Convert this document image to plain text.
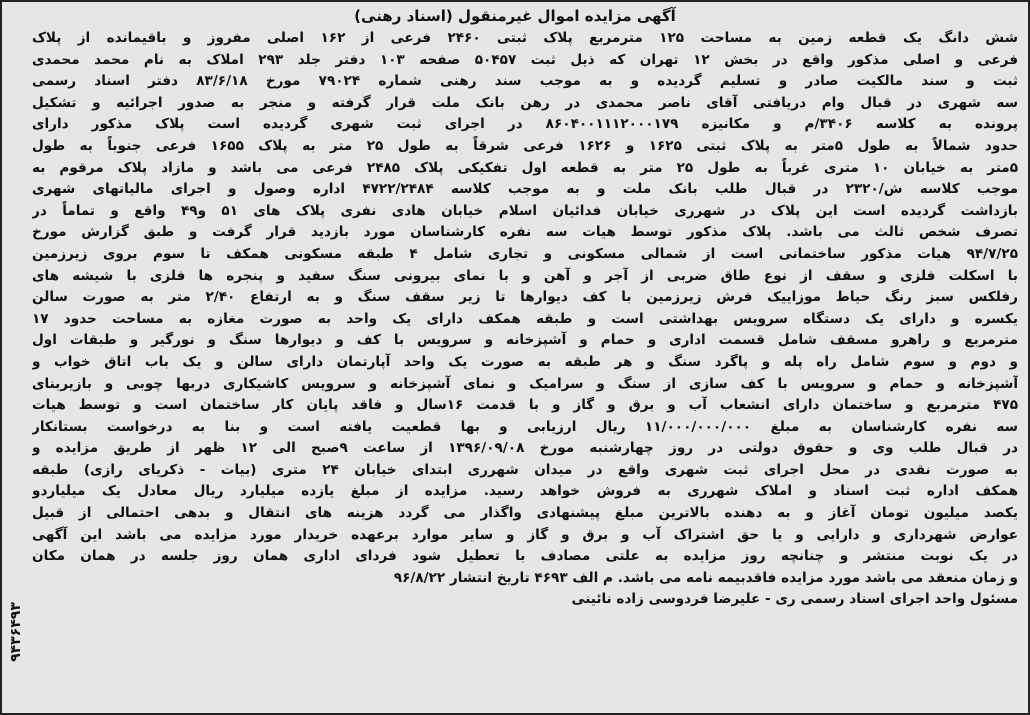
آگهی مزایده اموال غیرمنقول (اسناد رهنی)
شش دانگ یک قطعه زمین به مساحت ۱۲۵ مترمربع پلاک ثبتی ۲۴۶۰ فرعی از ۱۶۲ اصلی مفروز و باقیمانده از پلاک
فرعی و اصلی مذکور واقع در بخش ۱۲ تهران که ذیل ثبت ۵۰۴۵۷ صفحه ۱۰۳ دفتر جلد ۲۹۳ املاک به نام محمد محمدی
ثبت و سند مالکیت صادر و تسلیم گردیده و به موجب سند رهنی شماره ۷۹۰۲۴ مورخ ۸۳/۶/۱۸ دفتر اسناد رسمی
سه شهری در قبال وام دریافتی آقای ناصر محمدی در رهن بانک ملت قرار گرفته و منجر به صدور اجرائیه و تشکیل
پرونده به کلاسه ۳۴۰۶/م و مکانیزه ۸۶۰۴۰۰۱۱۱۲۰۰۰۱۷۹ در اجرای ثبت شهری گردیده است پلاک مذکور دارای
حدود شمالاً به طول ۵متر به پلاک ثبتی ۱۶۲۵ و ۱۶۲۶ فرعی شرقاً به طول ۲۵ متر به پلاک ۱۶۵۵ فرعی جنوباً به طول
۵متر به خیابان ۱۰ متری غرباً به طول ۲۵ متر به قطعه اول تفکیکی پلاک ۲۴۸۵ فرعی می باشد و مازاد پلاک مرقوم به
موجب کلاسه ش/۲۳۲۰ در قبال طلب بانک ملت و به موجب کلاسه ۴۷۲۲/۲۴۸۴ اداره وصول و اجرای مالیاتهای شهری
بازداشت گردیده است این پلاک در شهرری خیابان فدائیان اسلام خیابان هادی نفری پلاک های ۵۱ و۴۹ واقع و تماماً در
تصرف شخص ثالث می باشد. پلاک مذکور توسط هیات سه نفره کارشناسان مورد بازدید قرار گرفت و طبق گزارش مورخ
۹۴/۷/۲۵ هیات مذکور ساختمانی است از شمالی مسکونی و تجاری شامل ۴ طبقه مسکونی همکف تا سوم بروی زیرزمین
با اسکلت فلزی و سقف از نوع طاق ضربی از آجر و آهن و با نمای بیرونی سنگ سفید و پنجره ها فلزی با شیشه های
رفلکس سبز رنگ حیاط موزاییک فرش زیرزمین با کف دیوارها تا زیر سقف سنگ و به ارتفاع ۲/۴۰ متر به صورت سالن
یکسره و دارای یک دستگاه سرویس بهداشتی است و طبقه همکف دارای یک واحد به صورت مغازه به مساحت حدود ۱۷
مترمربع و راهرو مسقف شامل قسمت اداری و حمام و آشپزخانه و سرویس با کف و دیوارها سنگ و نورگیر و طبقات اول
و دوم و سوم شامل راه پله و پاگرد سنگ و هر طبقه به صورت یک واحد آپارتمان دارای سالن و یک باب اتاق خواب و
آشپزخانه و حمام و سرویس با کف سازی از سنگ و سرامیک و نمای آشپزخانه و سرویس کاشیکاری دربها چوبی و بازیربنای
۴۷۵ مترمربع و ساختمان دارای انشعاب آب و برق و گاز و با قدمت ۱۶سال و فاقد پایان کار ساختمان است و توسط هیات
سه نفره کارشناسان به مبلغ ۱۱/۰۰۰/۰۰۰/۰۰۰ ریال ارزیابی و بها قطعیت یافته است و بنا به درخواست بستانکار
در قبال طلب وی و حقوق دولتی در روز چهارشنبه مورخ ۱۳۹۶/۰۹/۰۸ از ساعت ۹صبح الی ۱۲ ظهر از طریق مزایده و
به صورت نقدی در محل اجرای ثبت شهری واقع در میدان شهرری ابتدای خیابان ۲۴ متری (بیات - ذکریای رازی) طبقه
همکف اداره ثبت اسناد و املاک شهرری به فروش خواهد رسید. مزایده از مبلغ یازده میلیارد ریال معادل یک میلیاردو
یکصد میلیون تومان آغاز و به دهنده بالاترین مبلغ پیشنهادی واگذار می گردد هزینه های انتقال و بدهی احتمالی از قبیل
عوارض شهرداری و دارایی و یا حق اشتراک آب و برق و گاز و سایر موارد برعهده خریدار مورد مزایده می باشد این آگهی
در یک نوبت منتشر و چنانچه روز مزایده به علتی مصادف با تعطیل شود فردای اداری همان روز جلسه در همان مکان
و زمان منعقد می باشد مورد مزایده فاقدبیمه نامه می باشد. م الف ۴۶۹۳ تاریخ انتشار ۹۶/۸/۲۲
مسئول واحد اجرای اسناد رسمی ری - علیرضا فردوسی زاده نائینی
۹۴۳۶۴۹۳
